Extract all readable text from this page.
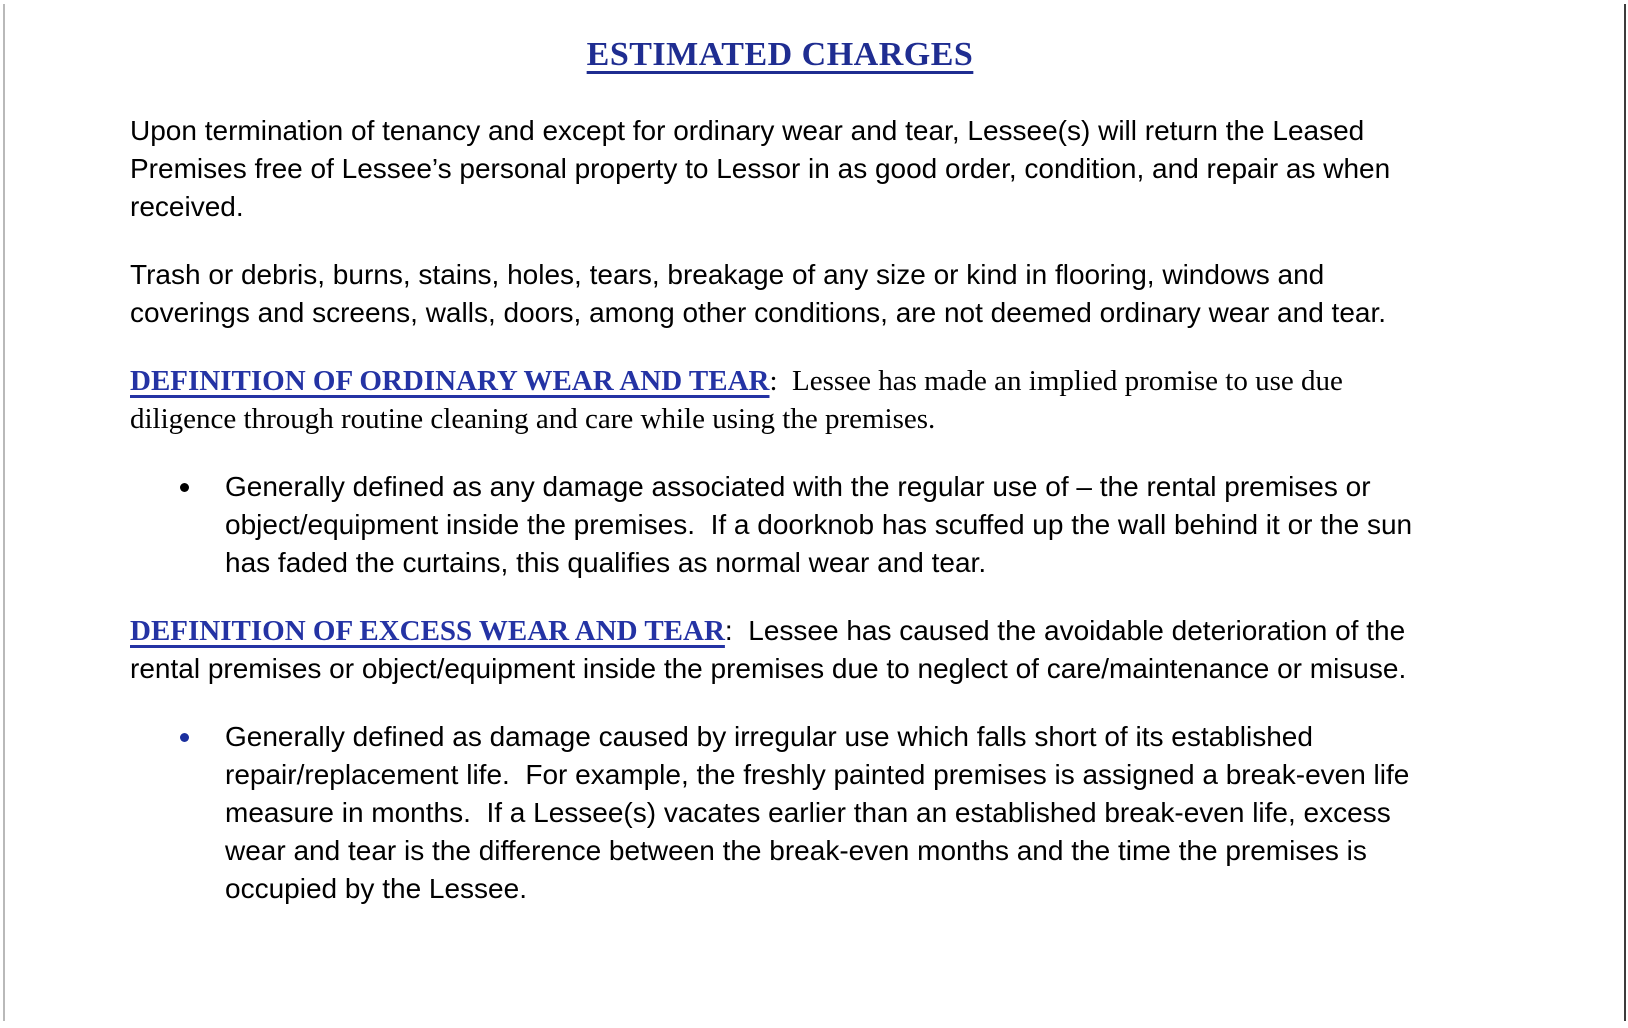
ESTIMATED CHARGES

Upon termination of tenancy and except for ordinary wear and tear, Lessee(s) will return the Leased Premises free of Lessee’s personal property to Lessor in as good order, condition, and repair as when received.

Trash or debris, burns, stains, holes, tears, breakage of any size or kind in flooring, windows and coverings and screens, walls, doors, among other conditions, are not deemed ordinary wear and tear.

DEFINITION OF ORDINARY WEAR AND TEAR:  Lessee has made an implied promise to use due diligence through routine cleaning and care while using the premises.

Generally defined as any damage associated with the regular use of – the rental premises or object/equipment inside the premises.  If a doorknob has scuffed up the wall behind it or the sun has faded the curtains, this qualifies as normal wear and tear.

DEFINITION OF EXCESS WEAR AND TEAR:  Lessee has caused the avoidable deterioration of the rental premises or object/equipment inside the premises due to neglect of care/maintenance or misuse.

Generally defined as damage caused by irregular use which falls short of its established repair/replacement life.  For example, the freshly painted premises is assigned a break-even life measure in months.  If a Lessee(s) vacates earlier than an established break-even life, excess wear and tear is the difference between the break-even months and the time the premises is occupied by the Lessee.
